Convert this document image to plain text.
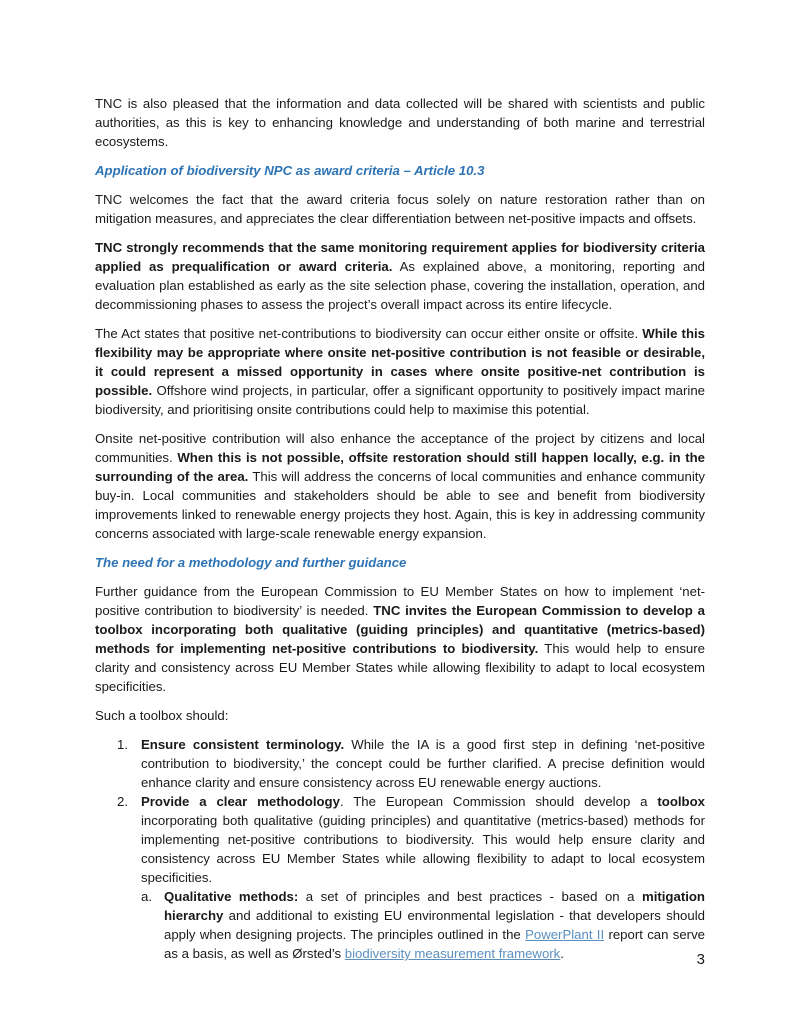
TNC is also pleased that the information and data collected will be shared with scientists and public authorities, as this is key to enhancing knowledge and understanding of both marine and terrestrial ecosystems.

Application of biodiversity NPC as award criteria – Article 10.3

TNC welcomes the fact that the award criteria focus solely on nature restoration rather than on mitigation measures, and appreciates the clear differentiation between net-positive impacts and offsets.

TNC strongly recommends that the same monitoring requirement applies for biodiversity criteria applied as prequalification or award criteria. As explained above, a monitoring, reporting and evaluation plan established as early as the site selection phase, covering the installation, operation, and decommissioning phases to assess the project’s overall impact across its entire lifecycle.

The Act states that positive net-contributions to biodiversity can occur either onsite or offsite. While this flexibility may be appropriate where onsite net-positive contribution is not feasible or desirable, it could represent a missed opportunity in cases where onsite positive-net contribution is possible. Offshore wind projects, in particular, offer a significant opportunity to positively impact marine biodiversity, and prioritising onsite contributions could help to maximise this potential.

Onsite net-positive contribution will also enhance the acceptance of the project by citizens and local communities. When this is not possible, offsite restoration should still happen locally, e.g. in the surrounding of the area. This will address the concerns of local communities and enhance community buy-in. Local communities and stakeholders should be able to see and benefit from biodiversity improvements linked to renewable energy projects they host. Again, this is key in addressing community concerns associated with large-scale renewable energy expansion.

The need for a methodology and further guidance

Further guidance from the European Commission to EU Member States on how to implement ‘net-positive contribution to biodiversity’ is needed. TNC invites the European Commission to develop a toolbox incorporating both qualitative (guiding principles) and quantitative (metrics-based) methods for implementing net-positive contributions to biodiversity. This would help to ensure clarity and consistency across EU Member States while allowing flexibility to adapt to local ecosystem specificities.

Such a toolbox should:

1. Ensure consistent terminology. While the IA is a good first step in defining ‘net-positive contribution to biodiversity,’ the concept could be further clarified. A precise definition would enhance clarity and ensure consistency across EU renewable energy auctions.
2. Provide a clear methodology. The European Commission should develop a toolbox incorporating both qualitative (guiding principles) and quantitative (metrics-based) methods for implementing net-positive contributions to biodiversity. This would help ensure clarity and consistency across EU Member States while allowing flexibility to adapt to local ecosystem specificities.
a. Qualitative methods: a set of principles and best practices - based on a mitigation hierarchy and additional to existing EU environmental legislation - that developers should apply when designing projects. The principles outlined in the PowerPlant II report can serve as a basis, as well as Ørsted’s biodiversity measurement framework.	3
